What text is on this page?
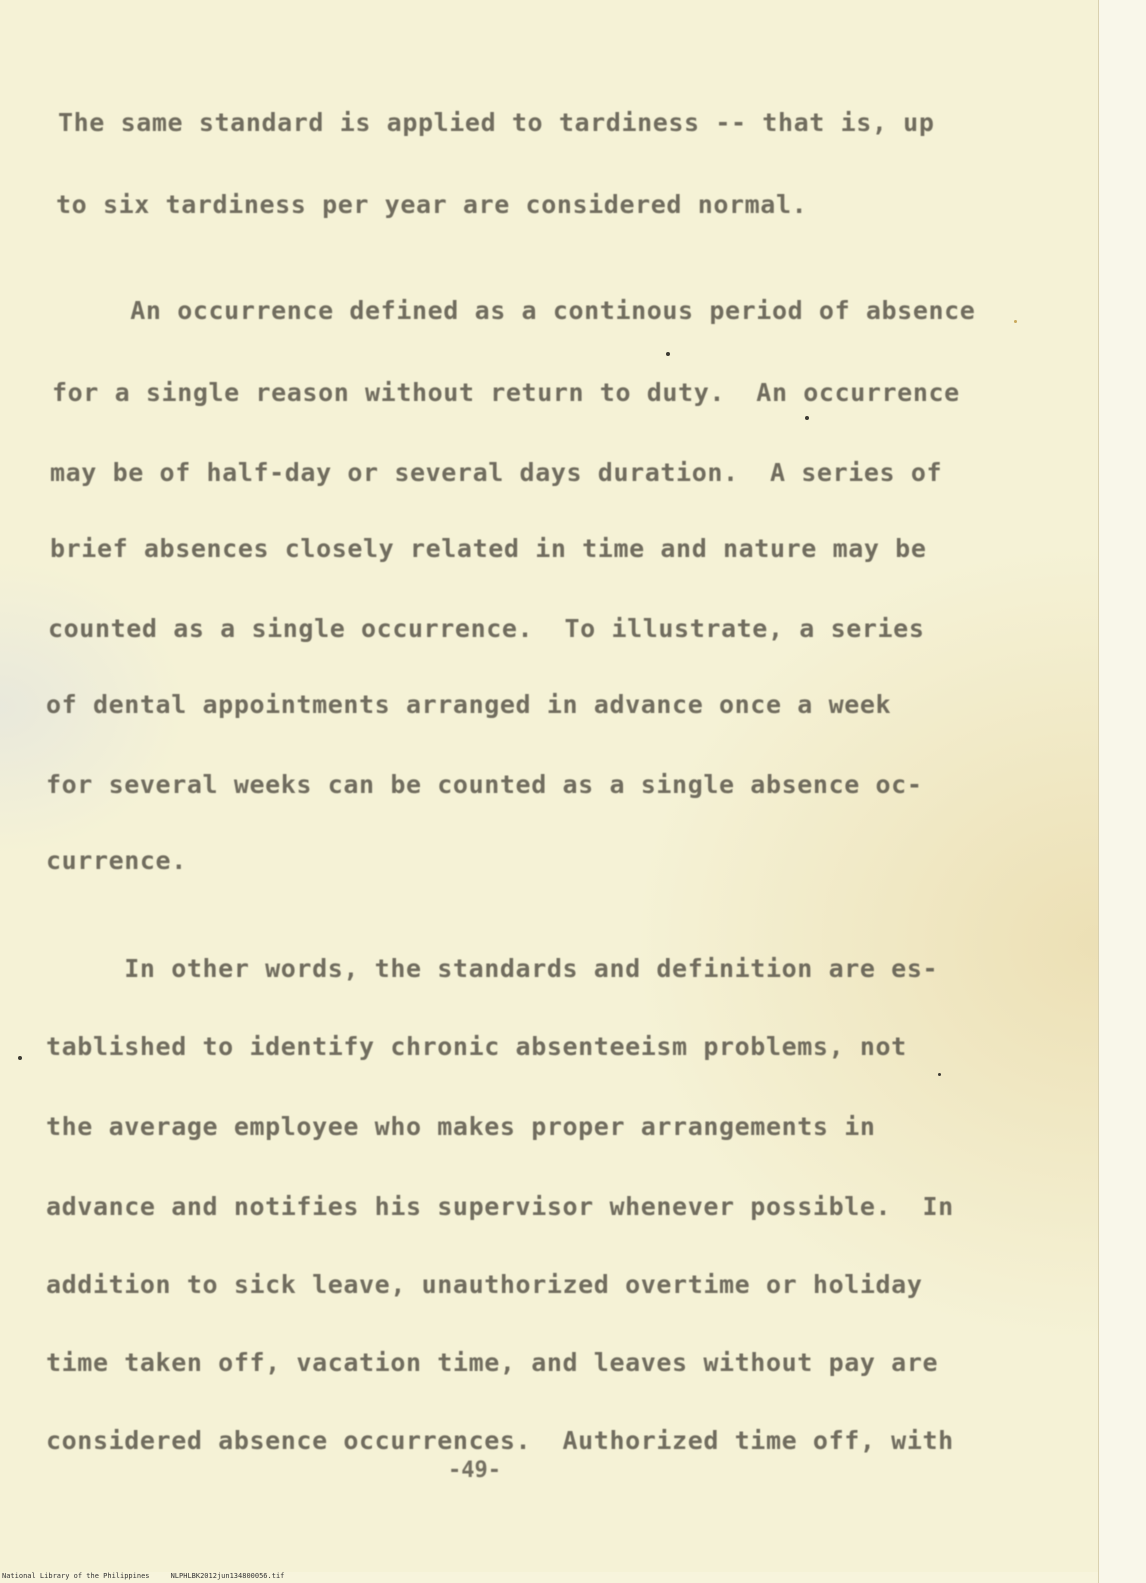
The same standard is applied to tardiness -- that is, up
to six tardiness per year are considered normal.
An occurrence defined as a continous period of absence
for a single reason without return to duty.  An occurrence
may be of half-day or several days duration.  A series of
brief absences closely related in time and nature may be
counted as a single occurrence.  To illustrate, a series
of dental appointments arranged in advance once a week
for several weeks can be counted as a single absence oc-
currence.
In other words, the standards and definition are es-
tablished to identify chronic absenteeism problems, not
the average employee who makes proper arrangements in
advance and notifies his supervisor whenever possible.  In
addition to sick leave, unauthorized overtime or holiday
time taken off, vacation time, and leaves without pay are
considered absence occurrences.  Authorized time off, with
-49-
National Library of the Philippines	NLPHLBK2012jun134800056.tif
